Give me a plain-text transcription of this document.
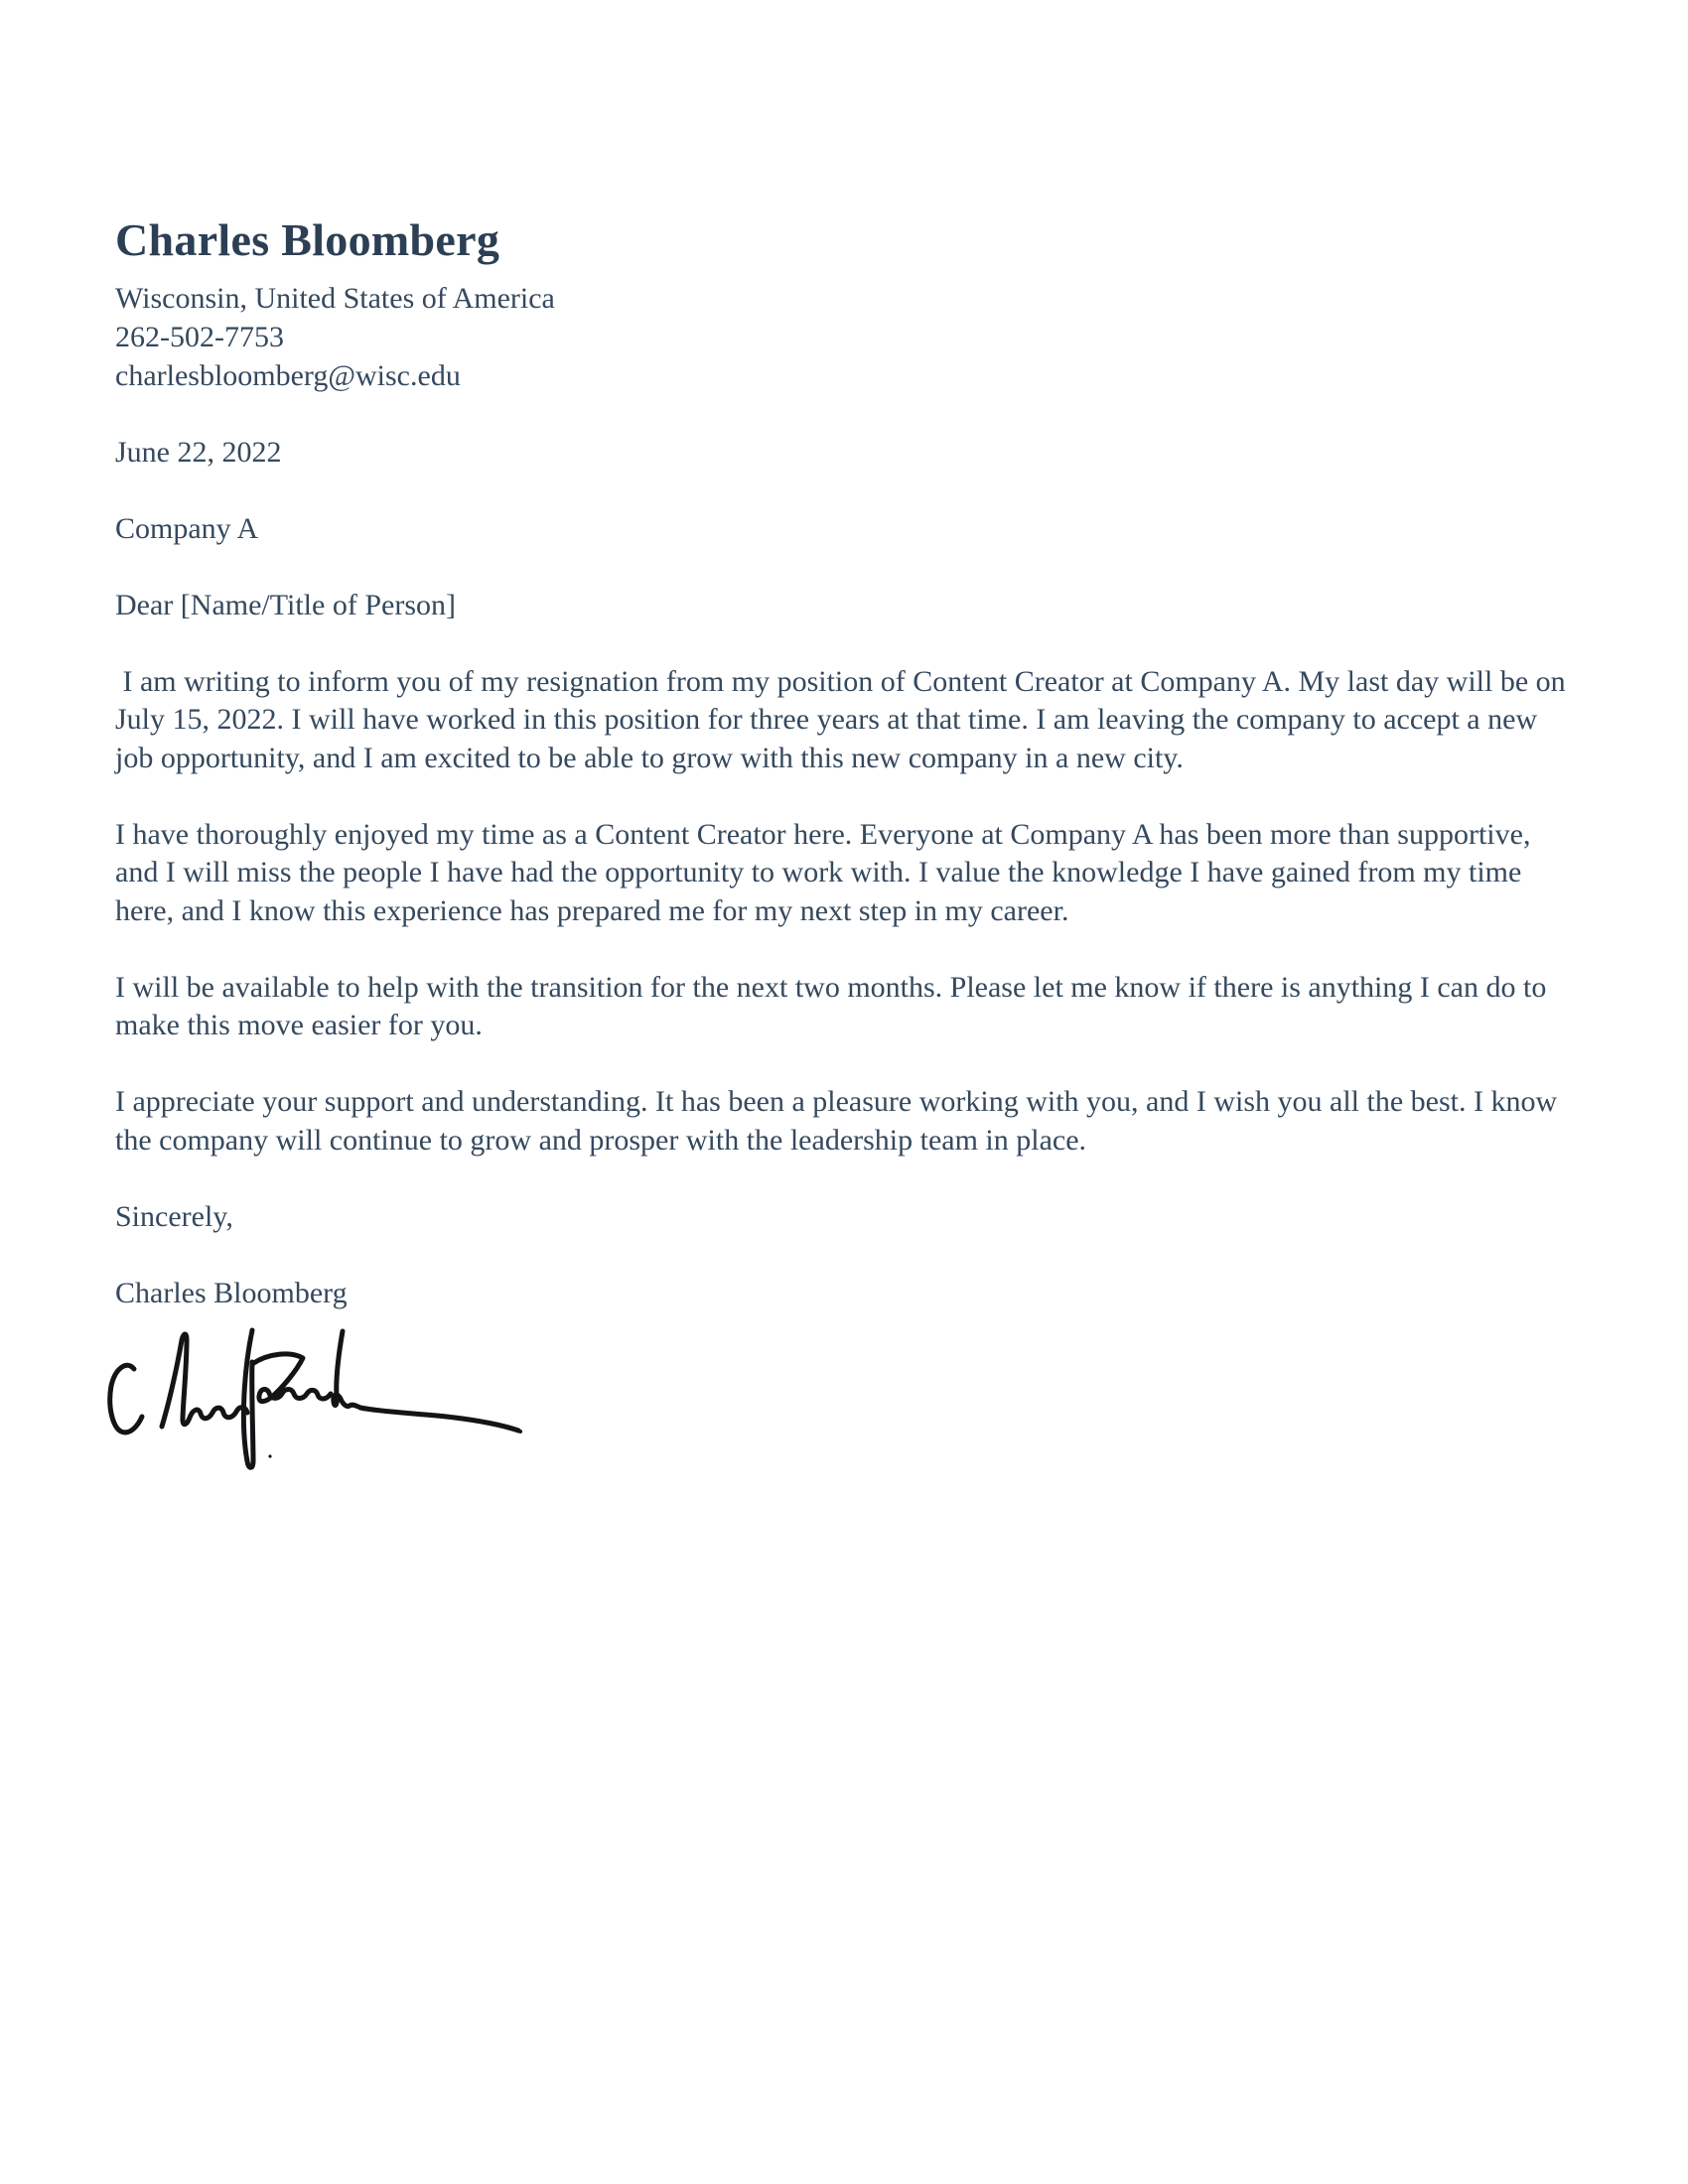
Charles Bloomberg
Wisconsin, United States of America
262-502-7753
charlesbloomberg@wisc.edu

June 22, 2022

Company A

Dear [Name/Title of Person]

I am writing to inform you of my resignation from my position of Content Creator at Company A. My last day will be on July 15, 2022. I will have worked in this position for three years at that time. I am leaving the company to accept a new job opportunity, and I am excited to be able to grow with this new company in a new city.

I have thoroughly enjoyed my time as a Content Creator here. Everyone at Company A has been more than supportive, and I will miss the people I have had the opportunity to work with. I value the knowledge I have gained from my time here, and I know this experience has prepared me for my next step in my career.

I will be available to help with the transition for the next two months. Please let me know if there is anything I can do to make this move easier for you.

I appreciate your support and understanding. It has been a pleasure working with you, and I wish you all the best. I know the company will continue to grow and prosper with the leadership team in place.

Sincerely,

Charles Bloomberg
